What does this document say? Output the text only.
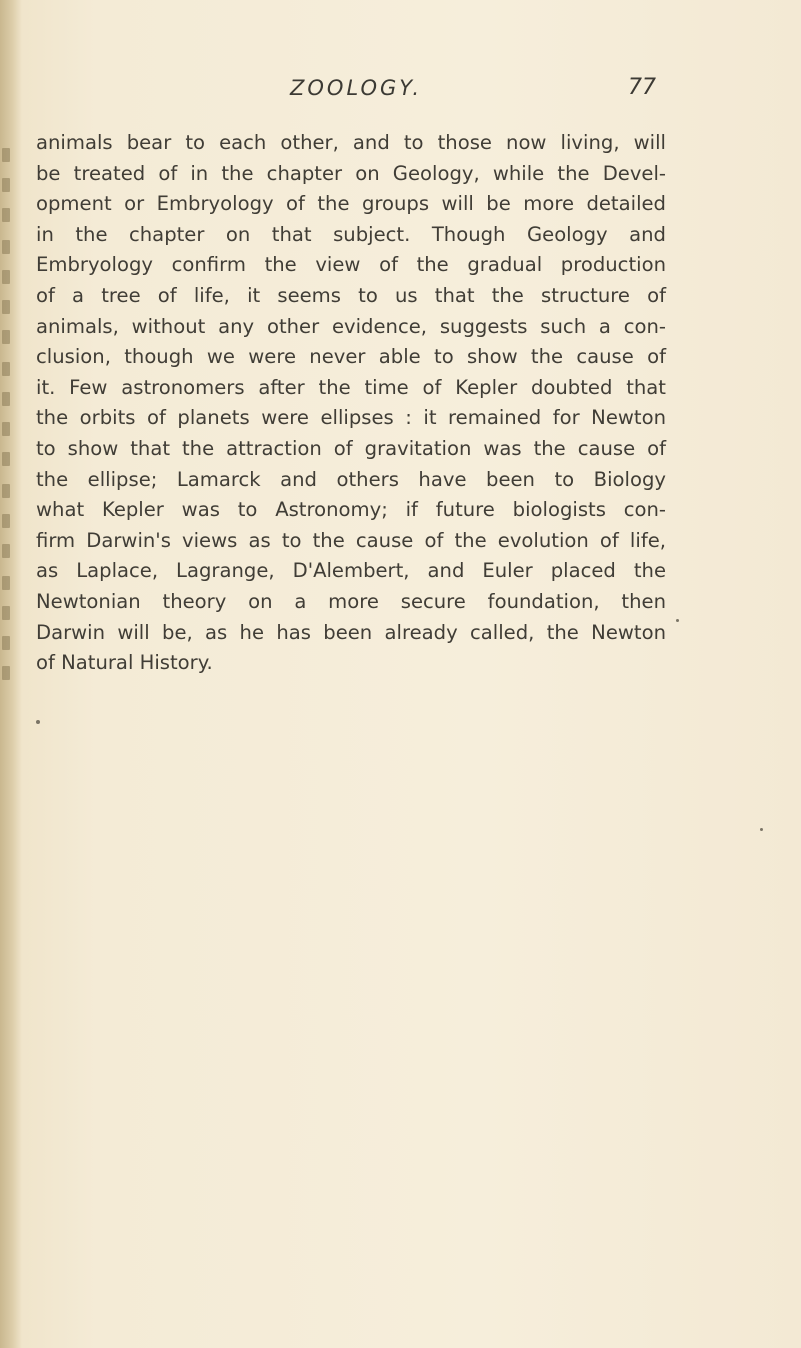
ZOOLOGY.	77

animals bear to each other, and to those now living, will
be treated of in the chapter on Geology, while the Devel-
opment or Embryology of the groups will be more detailed
in the chapter on that subject. Though Geology and
Embryology confirm the view of the gradual production
of a tree of life, it seems to us that the structure of
animals, without any other evidence, suggests such a con-
clusion, though we were never able to show the cause of
it. Few astronomers after the time of Kepler doubted that
the orbits of planets were ellipses : it remained for Newton
to show that the attraction of gravitation was the cause of
the ellipse; Lamarck and others have been to Biology
what Kepler was to Astronomy; if future biologists con-
firm Darwin's views as to the cause of the evolution of life,
as Laplace, Lagrange, D'Alembert, and Euler placed the
Newtonian theory on a more secure foundation, then
Darwin will be, as he has been already called, the Newton
of Natural History.
